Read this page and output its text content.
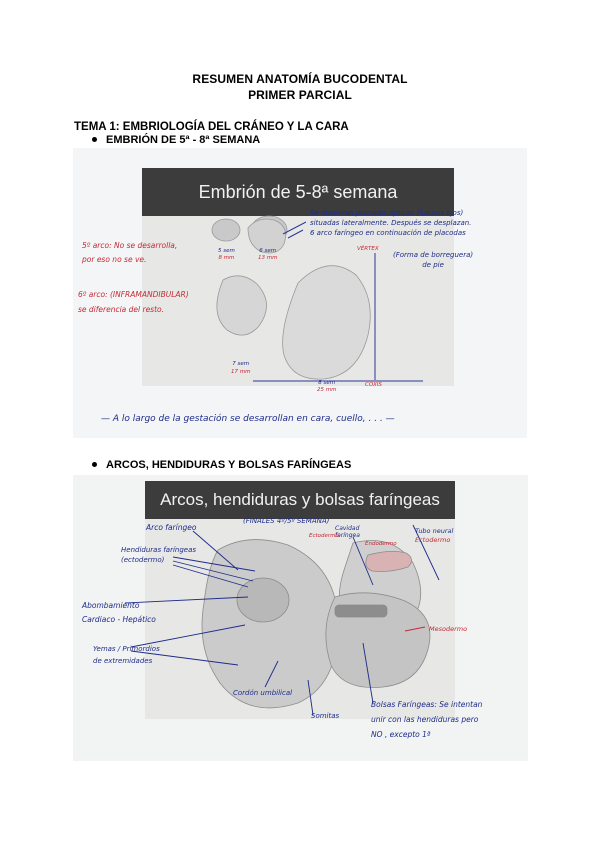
RESUMEN ANATOMÍA BUCODENTAL
PRIMER PARCIAL
TEMA 1: EMBRIOLOGÍA DEL CRÁNEO Y LA CARA
EMBRIÓN DE 5ª - 8ª SEMANA
Embrión de 5-8ª semana
Se observan placodas ópticas (futuros ojos)
situadas lateralmente. Después se desplazan.
6 arco faríngeo en continuación de placodas
VÉRTEX
(Forma de borreguera)
de pie
5º arco: No se desarrolla,
por eso no se ve.
6º arco: (INFRAMANDIBULAR)
se diferencia del resto.
5 sem
8 mm
6 sem
13 mm
7 sem
17 mm
8 sem
25 mm
COXIS
— A lo largo de la gestación se desarrollan en cara, cuello, . . . —
ARCOS, HENDIDURAS Y BOLSAS FARÍNGEAS
Arcos, hendiduras y bolsas faríngeas
(FINALES 4º/5º SEMANA)
Arco faríngeo
Hendiduras faríngeas
(ectodermo)
Abombamiento
Cardiaco - Hepático
Yemas / Primordios
de extremidades
Cordón umbilical
Somitas
Cavidad
faríngea
Ectodermo
Endodermo
Tubo neural
Ectodermo
Mesodermo
Bolsas Faríngeas: Se intentan
unir con las hendiduras pero
NO , excepto 1ª
